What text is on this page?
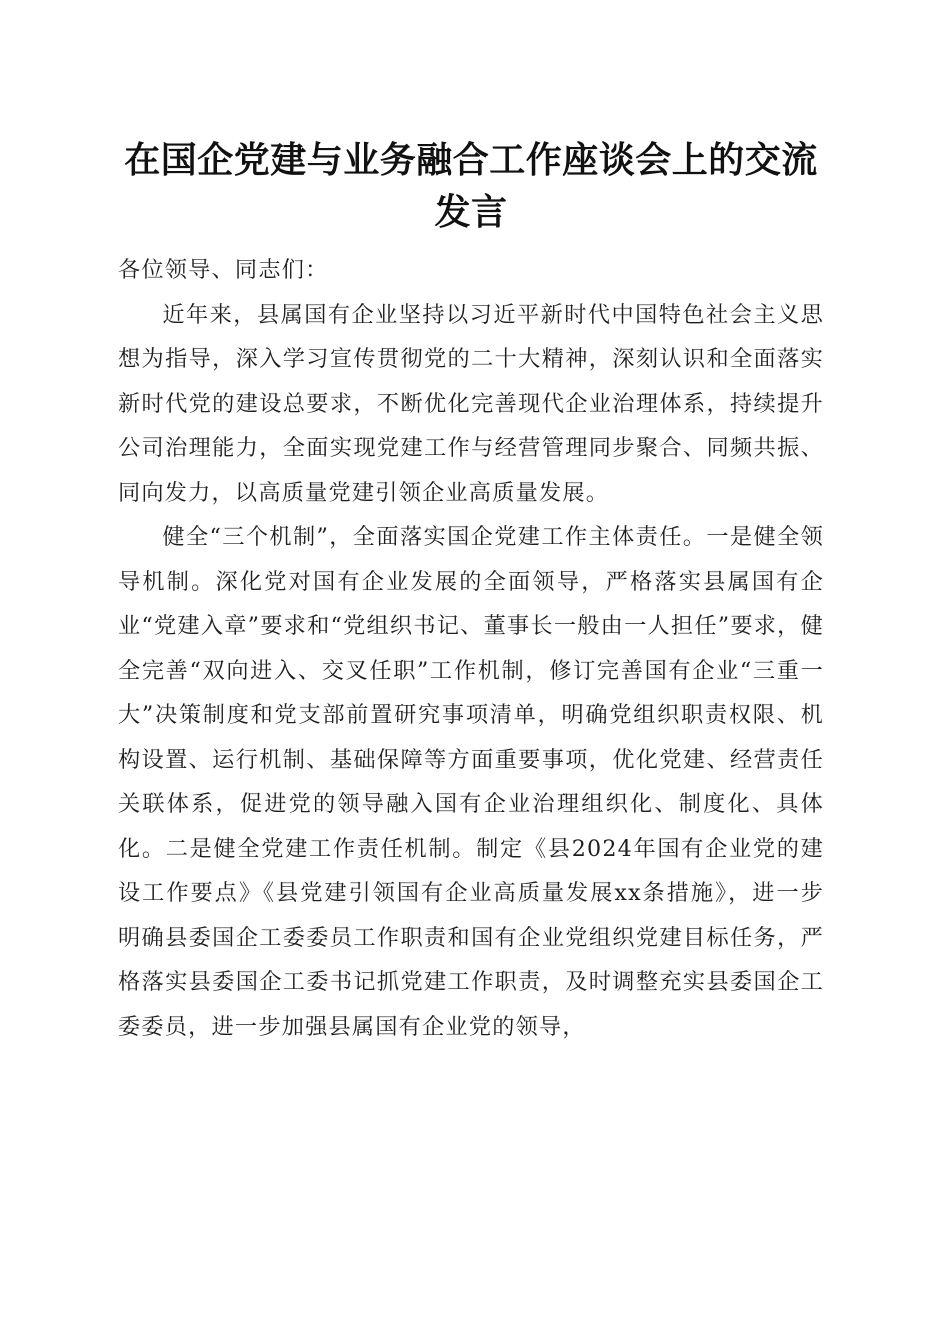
在国企党建与业务融合工作座谈会上的交流发言

各位领导、同志们：

近年来，县属国有企业坚持以习近平新时代中国特色社会主义思想为指导，深入学习宣传贯彻党的二十大精神，深刻认识和全面落实新时代党的建设总要求，不断优化完善现代企业治理体系，持续提升公司治理能力，全面实现党建工作与经营管理同步聚合、同频共振、同向发力，以高质量党建引领企业高质量发展。

健全“三个机制”，全面落实国企党建工作主体责任。一是健全领导机制。深化党对国有企业发展的全面领导，严格落实县属国有企业“党建入章”要求和“党组织书记、董事长一般由一人担任”要求，健全完善“双向进入、交叉任职”工作机制，修订完善国有企业“三重一大”决策制度和党支部前置研究事项清单，明确党组织职责权限、机构设置、运行机制、基础保障等方面重要事项，优化党建、经营责任关联体系，促进党的领导融入国有企业治理组织化、制度化、具体化。二是健全党建工作责任机制。制定《县2024年国有企业党的建设工作要点》《县党建引领国有企业高质量发展xx条措施》，进一步明确县委国企工委委员工作职责和国有企业党组织党建目标任务，严格落实县委国企工委书记抓党建工作职责，及时调整充实县委国企工委委员，进一步加强县属国有企业党的领导，
